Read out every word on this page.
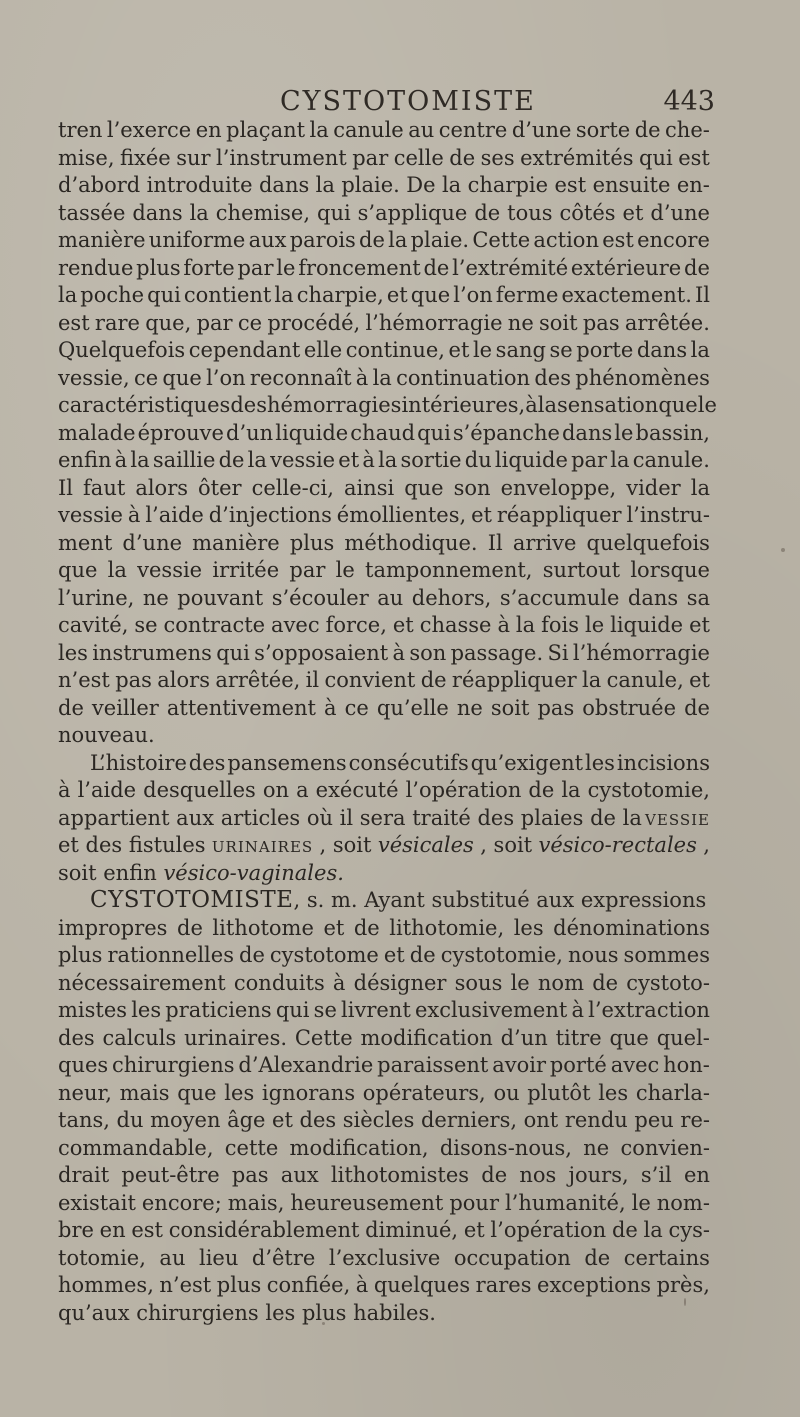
CYSTOTOMISTE	443
tren l’exerce en plaçant la canule au centre d’une sorte de che-
mise, fixée sur l’instrument par celle de ses extrémités qui est
d’abord introduite dans la plaie. De la charpie est ensuite en-
tassée dans la chemise, qui s’applique de tous côtés et d’une
manière uniforme aux parois de la plaie. Cette action est encore
rendue plus forte par le froncement de l’extrémité extérieure de
la poche qui contient la charpie, et que l’on ferme exactement. Il
est rare que, par ce procédé, l’hémorragie ne soit pas arrêtée.
Quelquefois cependant elle continue, et le sang se porte dans la
vessie, ce que l’on reconnaît à la continuation des phénomènes
caractéristiques des hémorragies intérieures, à la sensation que le
malade éprouve d’un liquide chaud qui s’épanche dans le bassin,
enfin à la saillie de la vessie et à la sortie du liquide par la canule.
Il faut alors ôter celle-ci, ainsi que son enveloppe, vider la
vessie à l’aide d’injections émollientes, et réappliquer l’instru-
ment d’une manière plus méthodique. Il arrive quelquefois
que la vessie irritée par le tamponnement, surtout lorsque
l’urine, ne pouvant s’écouler au dehors, s’accumule dans sa
cavité, se contracte avec force, et chasse à la fois le liquide et
les instrumens qui s’opposaient à son passage. Si l’hémorragie
n’est pas alors arrêtée, il convient de réappliquer la canule, et
de veiller attentivement à ce qu’elle ne soit pas obstruée de
nouveau.
L’histoire des pansemens consécutifs qu’exigent les incisions
à l’aide desquelles on a exécuté l’opération de la cystotomie,
appartient aux articles où il sera traité des plaies de la vessie
et des fistules urinaires , soit vésicales , soit vésico-rectales ,
soit enfin
vésico-vaginales.
CYSTOTOMISTE , s. m. Ayant substitué aux expressions
impropres de lithotome et de lithotomie, les dénominations
plus rationnelles de cystotome et de cystotomie, nous sommes
nécessairement conduits à désigner sous le nom de cystoto-
mistes les praticiens qui se livrent exclusivement à l’extraction
des calculs urinaires. Cette modification d’un titre que quel-
ques chirurgiens d’Alexandrie paraissent avoir porté avec hon-
neur, mais que les ignorans opérateurs, ou plutôt les charla-
tans, du moyen âge et des siècles derniers, ont rendu peu re-
commandable, cette modification, disons-nous, ne convien-
drait peut-être pas aux lithotomistes de nos jours, s’il en
existait encore; mais, heureusement pour l’humanité, le nom-
bre en est considérablement diminué, et l’opération de la cys-
totomie, au lieu d’être l’exclusive occupation de certains
hommes, n’est plus confiée, à quelques rares exceptions près,
qu’aux chirurgiens les plus habiles.
